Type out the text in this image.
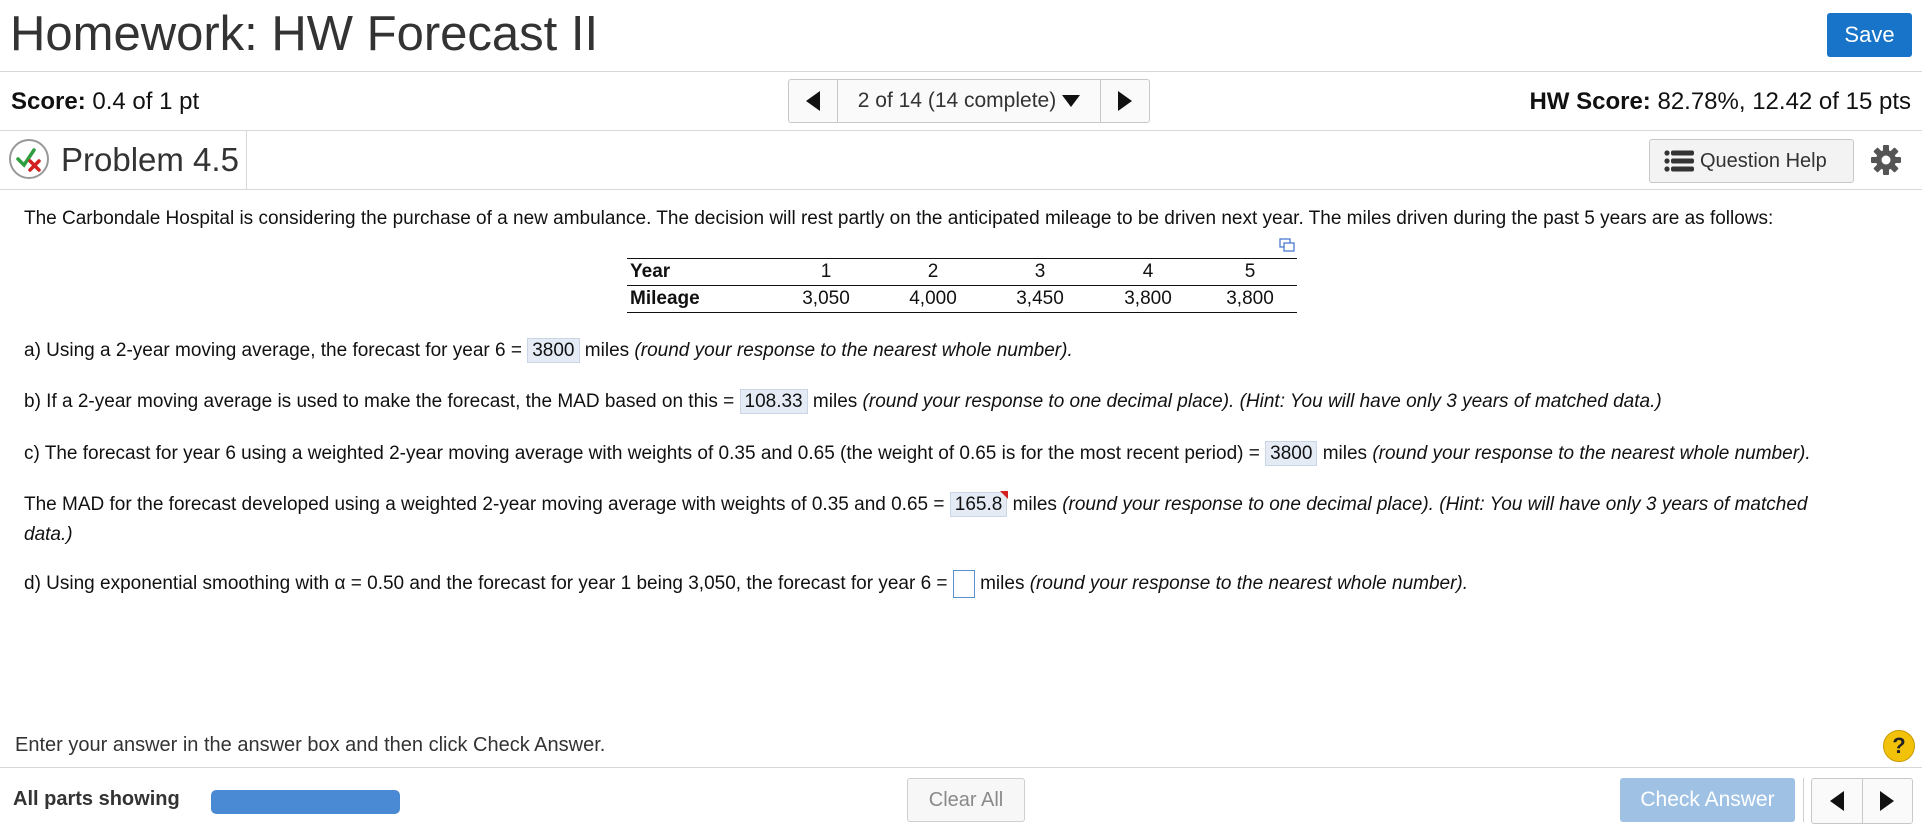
Homework: HW Forecast II	Save
Score: 0.4 of 1 pt	2 of 14 (14 complete)	HW Score: 82.78%, 12.42 of 15 pts
Problem 4.5	Question Help
The Carbondale Hospital is considering the purchase of a new ambulance. The decision will rest partly on the anticipated mileage to be driven next year. The miles driven during the past 5 years are as follows:
Year	1	2	3	4	5
Mileage	3,050	4,000	3,450	3,800	3,800
a) Using a 2-year moving average, the forecast for year 6 = 3800 miles (round your response to the nearest whole number).
b) If a 2-year moving average is used to make the forecast, the MAD based on this = 108.33 miles (round your response to one decimal place). (Hint: You will have only 3 years of matched data.)
c) The forecast for year 6 using a weighted 2-year moving average with weights of 0.35 and 0.65 (the weight of 0.65 is for the most recent period) = 3800 miles (round your response to the nearest whole number).
The MAD for the forecast developed using a weighted 2-year moving average with weights of 0.35 and 0.65 = 165.8 miles (round your response to one decimal place). (Hint: You will have only 3 years of matched
data.)
d) Using exponential smoothing with α = 0.50 and the forecast for year 1 being 3,050, the forecast for year 6 = miles (round your response to the nearest whole number).
Enter your answer in the answer box and then click Check Answer.	?
All parts showing	Clear All	Check Answer
